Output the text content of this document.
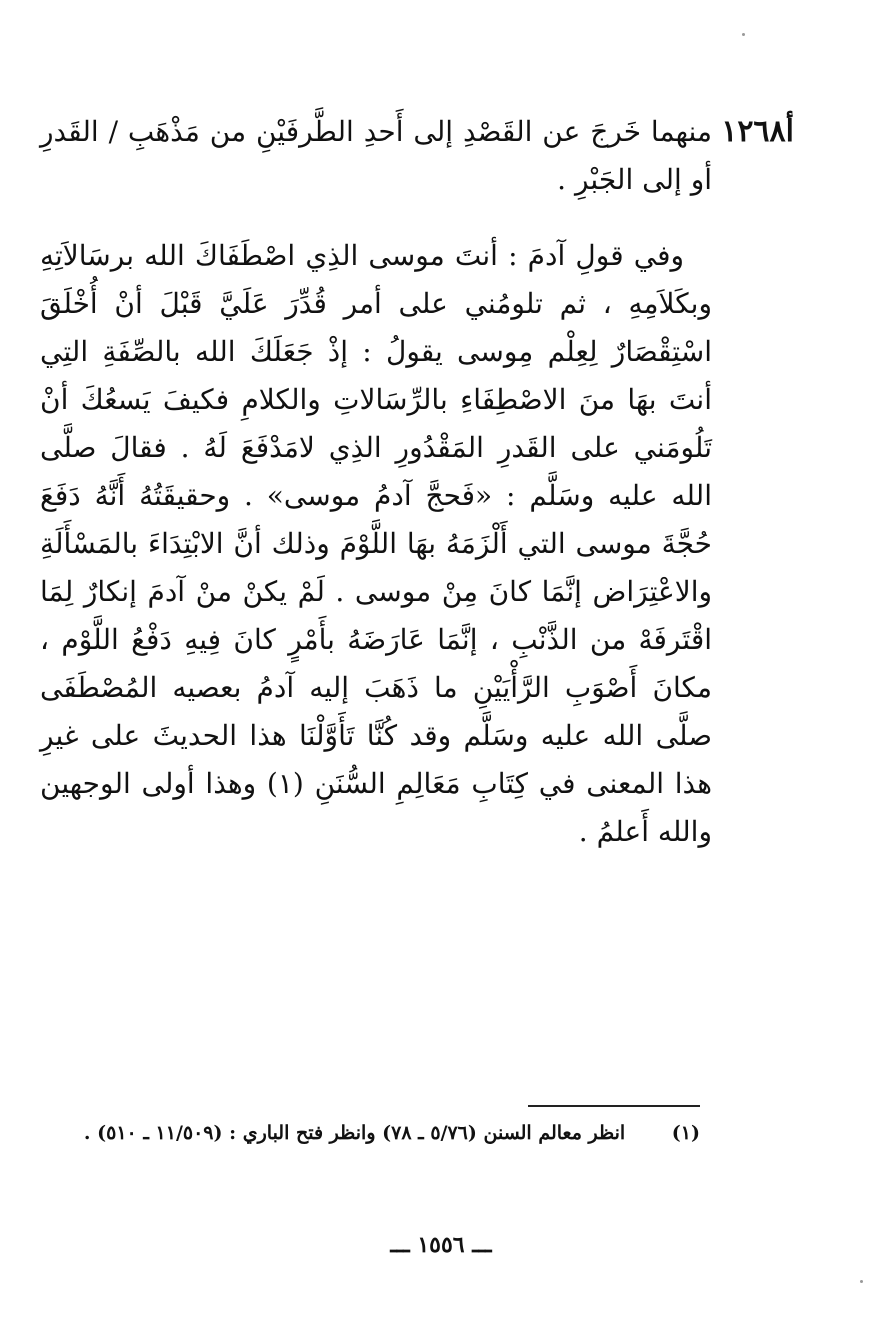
أ١٢٦٨

منهما خَرجَ عن القَصْدِ إلى أَحدِ الطَّرفَيْنِ من مَذْهَبِ / القَدرِ أو إلى الجَبْرِ .

وفي قولِ آدمَ : أنتَ موسى الذِي اصْطَفَاكَ الله برسَالاَتِهِ وبكَلاَمِهِ ، ثم تلومُني على أمر قُدِّرَ عَلَيَّ قَبْلَ أنْ أُخْلَقَ اسْتِقْصَارٌ لِعِلْم مِوسى يقولُ : إذْ جَعَلَكَ الله بالصِّفَةِ التِي أنتَ بهَا منَ الاصْطِفَاءِ بالرِّسَالاتِ والكلامِ فكيفَ يَسعُكَ أنْ تَلُومَني على القَدرِ المَقْدُورِ الذِي لامَدْفَعَ لَهُ . فقالَ صلَّى الله عليه وسَلَّم : «فَحجَّ آدمُ موسى» . وحقيقَتُهُ أَنَّهُ دَفَعَ حُجَّةَ موسى التي أَلْزَمَهُ بهَا اللَّوْمَ وذلك أنَّ الابْتِدَاءَ بالمَسْأَلَةِ والاعْتِرَاض إنَّمَا كانَ مِنْ موسى . لَمْ يكنْ منْ آدمَ إنكارٌ لِمَا اقْتَرفَهْ من الذَّنْبِ ، إنَّمَا عَارَضَهُ بأَمْرٍ كانَ فِيهِ دَفْعُ اللَّوْم ، مكانَ أَصْوَبِ الرَّأْيَيْنِ ما ذَهَبَ إليه آدمُ بعصيه المُصْطَفَى صلَّى الله عليه وسَلَّم وقد كُنَّا تَأَوَّلْنَا هذا الحديثَ على غيرِ هذا المعنى في كِتَابِ مَعَالِمِ السُّنَنِ (١) وهذا أولى الوجهين والله أَعلمُ .

(١) انظر معالم السنن (٥/٧٦ ـ ٧٨) وانظر فتح الباري : (١١/٥٠٩ ـ ٥١٠) .
ـــ ١٥٥٦ ـــ
